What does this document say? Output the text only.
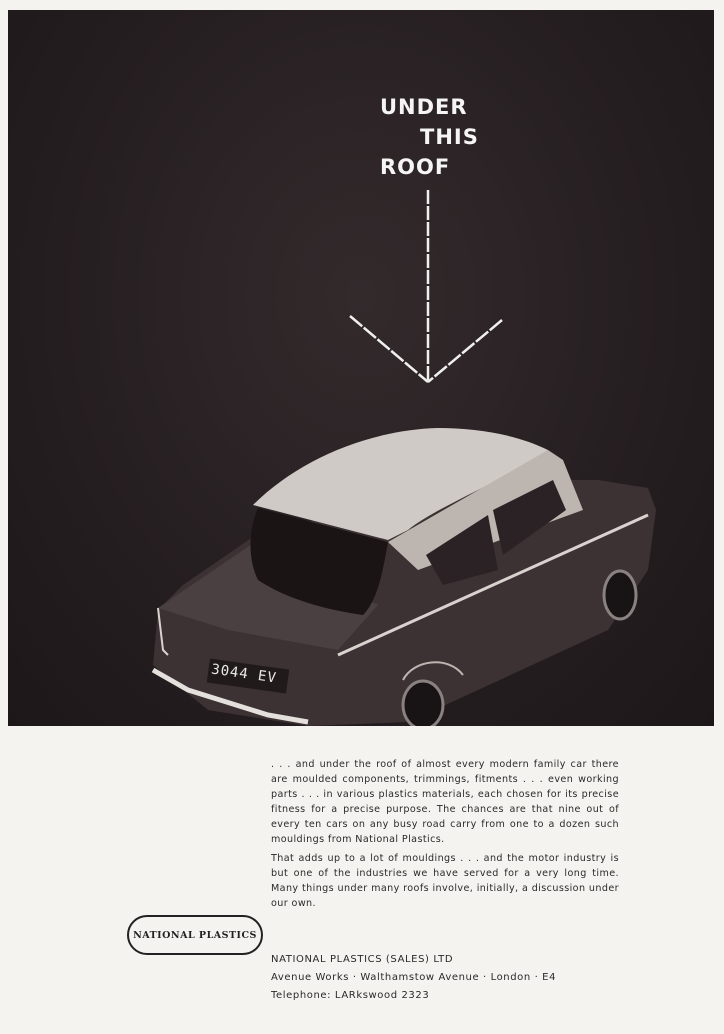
UNDER
THIS
ROOF
3044 EV

. . . and under the roof of almost every modern family car there are moulded components, trimmings, fitments . . . even working parts . . . in various plastics materials, each chosen for its precise fitness for a precise purpose. The chances are that nine out of every ten cars on any busy road carry from one to a dozen such mouldings from National Plastics.

That adds up to a lot of mouldings . . . and the motor industry is but one of the industries we have served for a very long time. Many things under many roofs involve, initially, a discussion under our own.

NATIONAL PLASTICS
NATIONAL PLASTICS (SALES) LTD
Avenue Works · Walthamstow Avenue · London · E4
Telephone: LARkswood 2323
